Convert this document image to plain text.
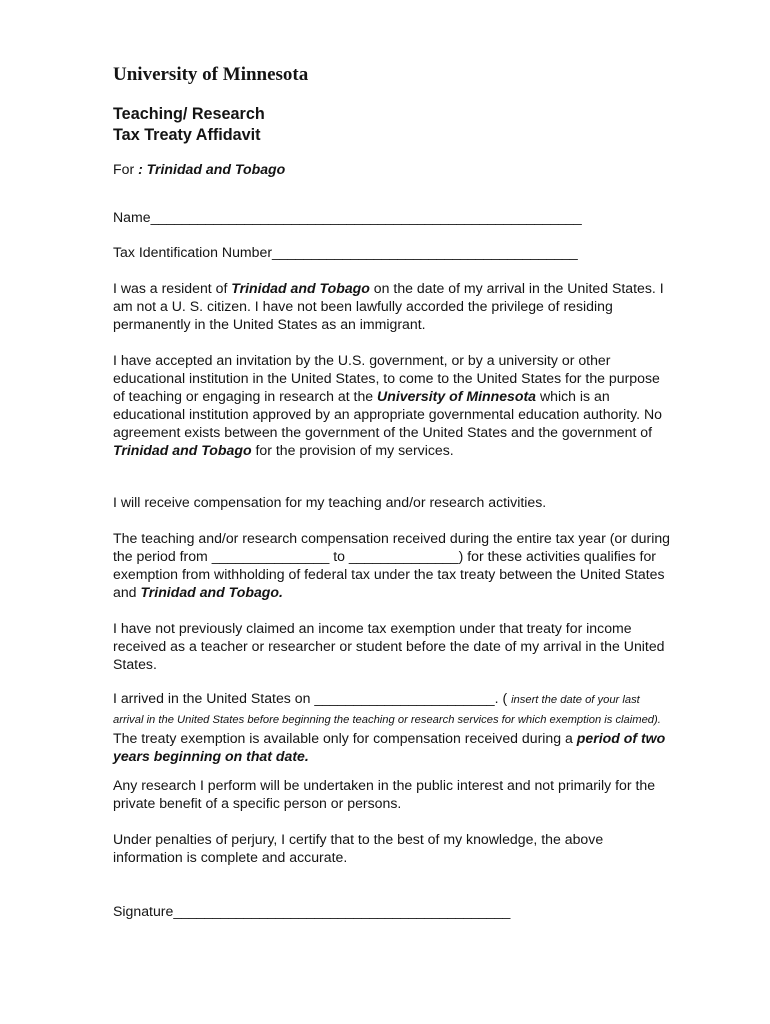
University of Minnesota

Teaching/ Research

Tax Treaty Affidavit

For : Trinidad and Tobago

Name_______________________________________________________

Tax Identification Number_______________________________________

I was a resident of Trinidad and Tobago on the date of my arrival in the United States. I am not a U. S. citizen. I have not been lawfully accorded the privilege of residing permanently in the United States as an immigrant.

I have accepted an invitation by the U.S. government, or by a university or other educational institution in the United States, to come to the United States for the purpose of teaching or engaging in research at the University of Minnesota which is an educational institution approved by an appropriate governmental education authority. No agreement exists between the government of the United States and the government of Trinidad and Tobago for the provision of my services.

I will receive compensation for my teaching and/or research activities.

The teaching and/or research compensation received during the entire tax year (or during the period from _______________ to ______________) for these activities qualifies for exemption from withholding of federal tax under the tax treaty between the United States and Trinidad and Tobago.

I have not previously claimed an income tax exemption under that treaty for income received as a teacher or researcher or student before the date of my arrival in the United States.

I arrived in the United States on _______________________. ( insert the date of your last arrival in the United States before beginning the teaching or research services for which exemption is claimed). The treaty exemption is available only for compensation received during a period of two years beginning on that date.

Any research I perform will be undertaken in the public interest and not primarily for the private benefit of a specific person or persons.

Under penalties of perjury, I certify that to the best of my knowledge, the above information is complete and accurate.

Signature___________________________________________
